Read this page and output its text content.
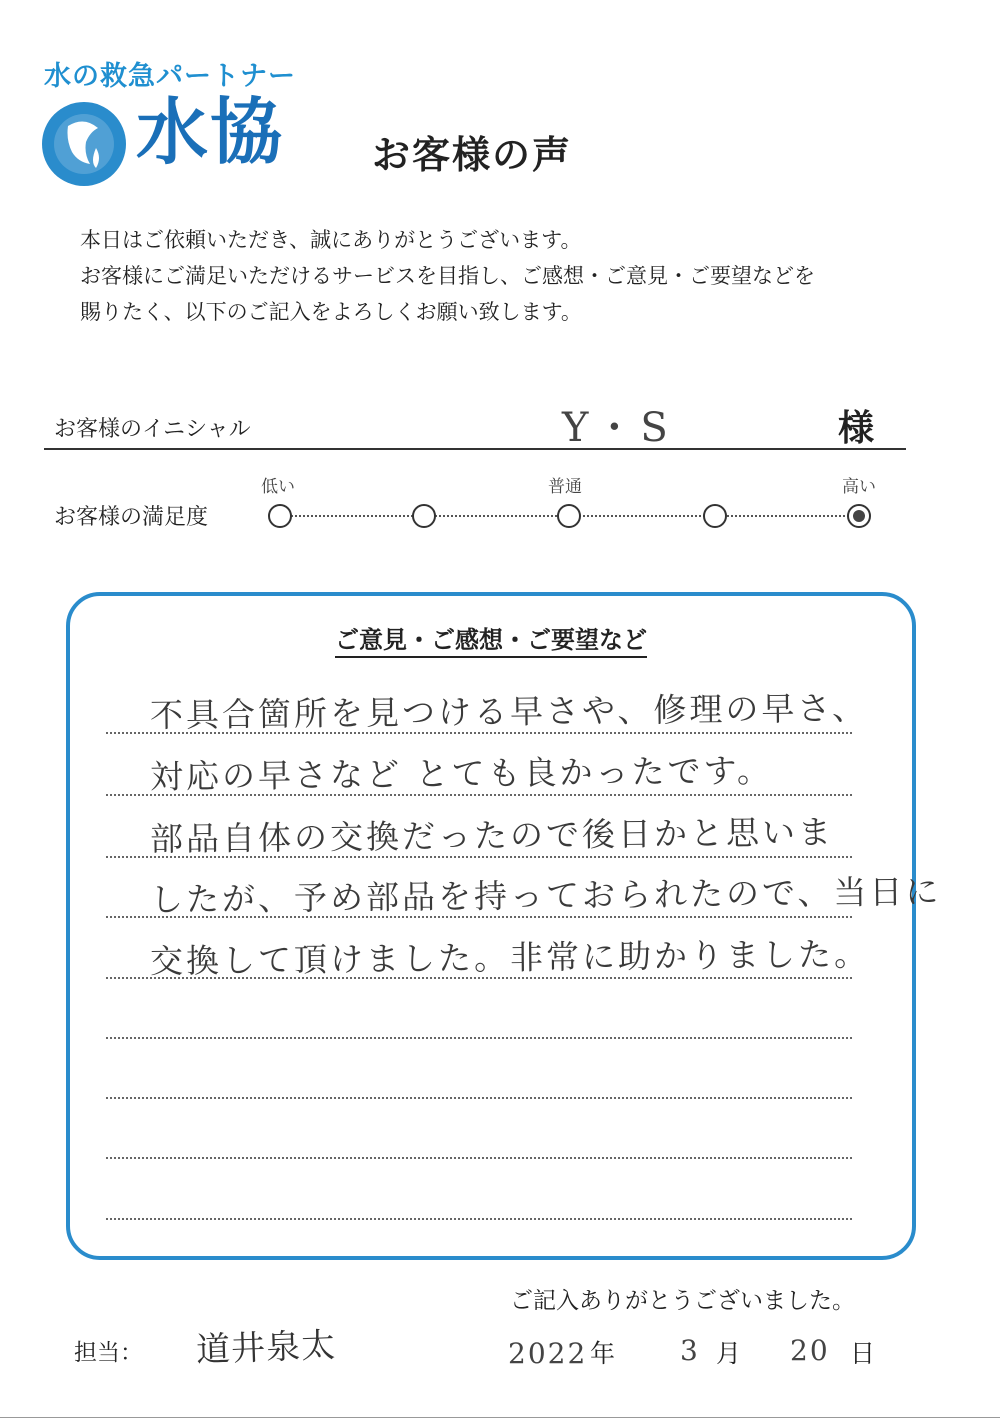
水の救急パートナー
水協 お客様の声
本日はご依頼いただき、誠にありがとうございます。
お客様にご満足いただけるサービスを目指し、ご感想・ご意見・ご要望などを
賜りたく、以下のご記入をよろしくお願い致します。
お客様のイニシャル	Y・S	様
お客様の満足度
低い	普通	高い
ご意見・ご感想・ご要望など
不具合箇所を見つける早さや、修理の早さ、
対応の早さなど とても良かったです。
部品自体の交換だったので後日かと思いま
したが、予め部品を持っておられたので、当日に
交換して頂けました。非常に助かりました。
ご記入ありがとうございました。
担当： 道井泉太	2022 年 3 月 20 日
